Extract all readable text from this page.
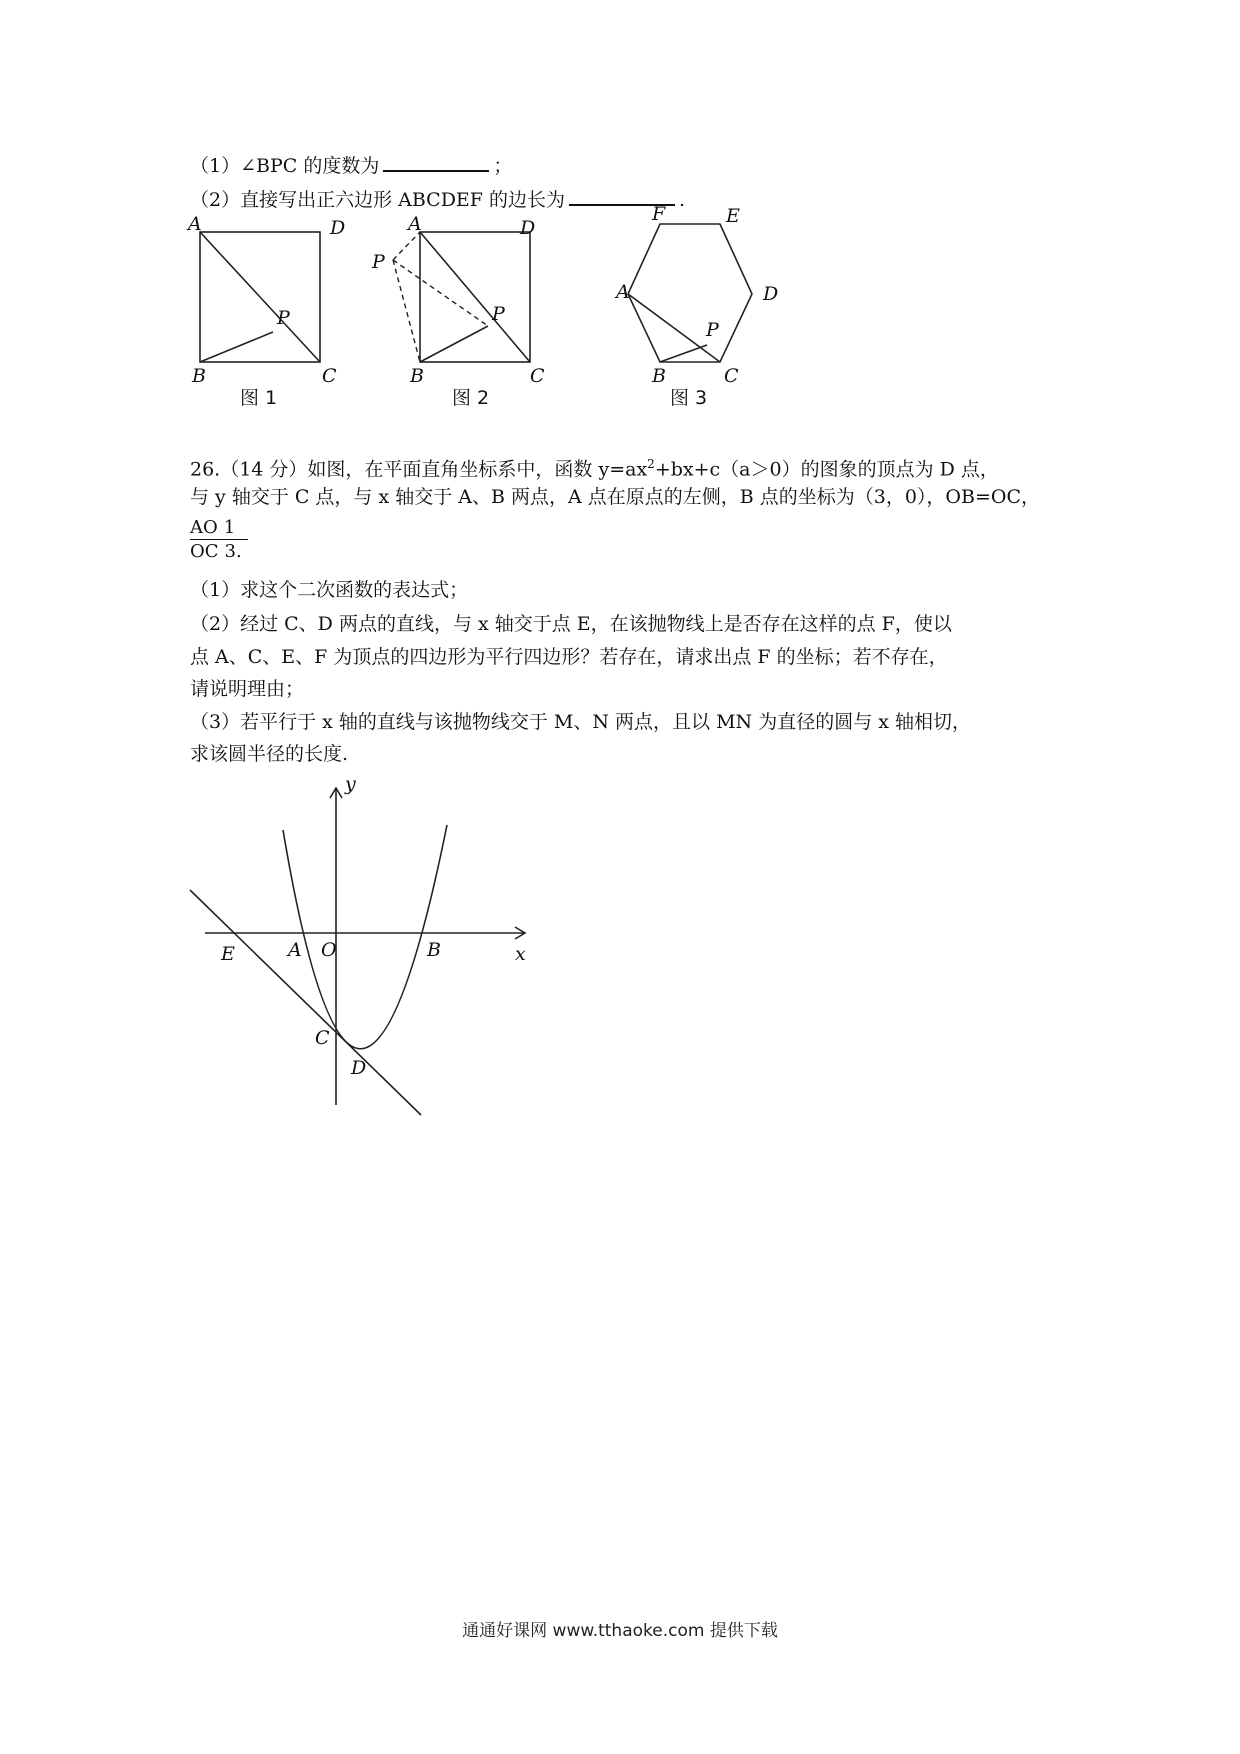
（1）∠BPC 的度数为	；
（2）直接写出正六边形 ABCDEF 的边长为	.
A	D
P
B	C
图 1
A	D
P
P
B	C
图 2
F	E
A	D
P
B	C
图 3
26.（14 分）如图，在平面直角坐标系中，函数 $y=ax^2+bx+c(a>0)$的图象的顶点为 D 点，
与 y 轴交于 C 点，与 x 轴交于 A、B 两点，A 点在原点的左侧，B 点的坐标为（3，0），OB=OC，
AO 1
OC 3 .
（1）求这个二次函数的表达式；
（2）经过 C、D 两点的直线，与 x 轴交于点 E，在该抛物线上是否存在这样的点 F，使以
点 A、C、E、F 为顶点的四边形为平行四边形？若存在，请求出点 F 的坐标；若不存在，
请说明理由；
（3）若平行于 x 轴的直线与该抛物线交于 M、N 两点，且以 MN 为直径的圆与 x 轴相切，
求该圆半径的长度.
y
x
E	A O	B
C
D
通通好课网 www.tthaoke.com 提供下载
